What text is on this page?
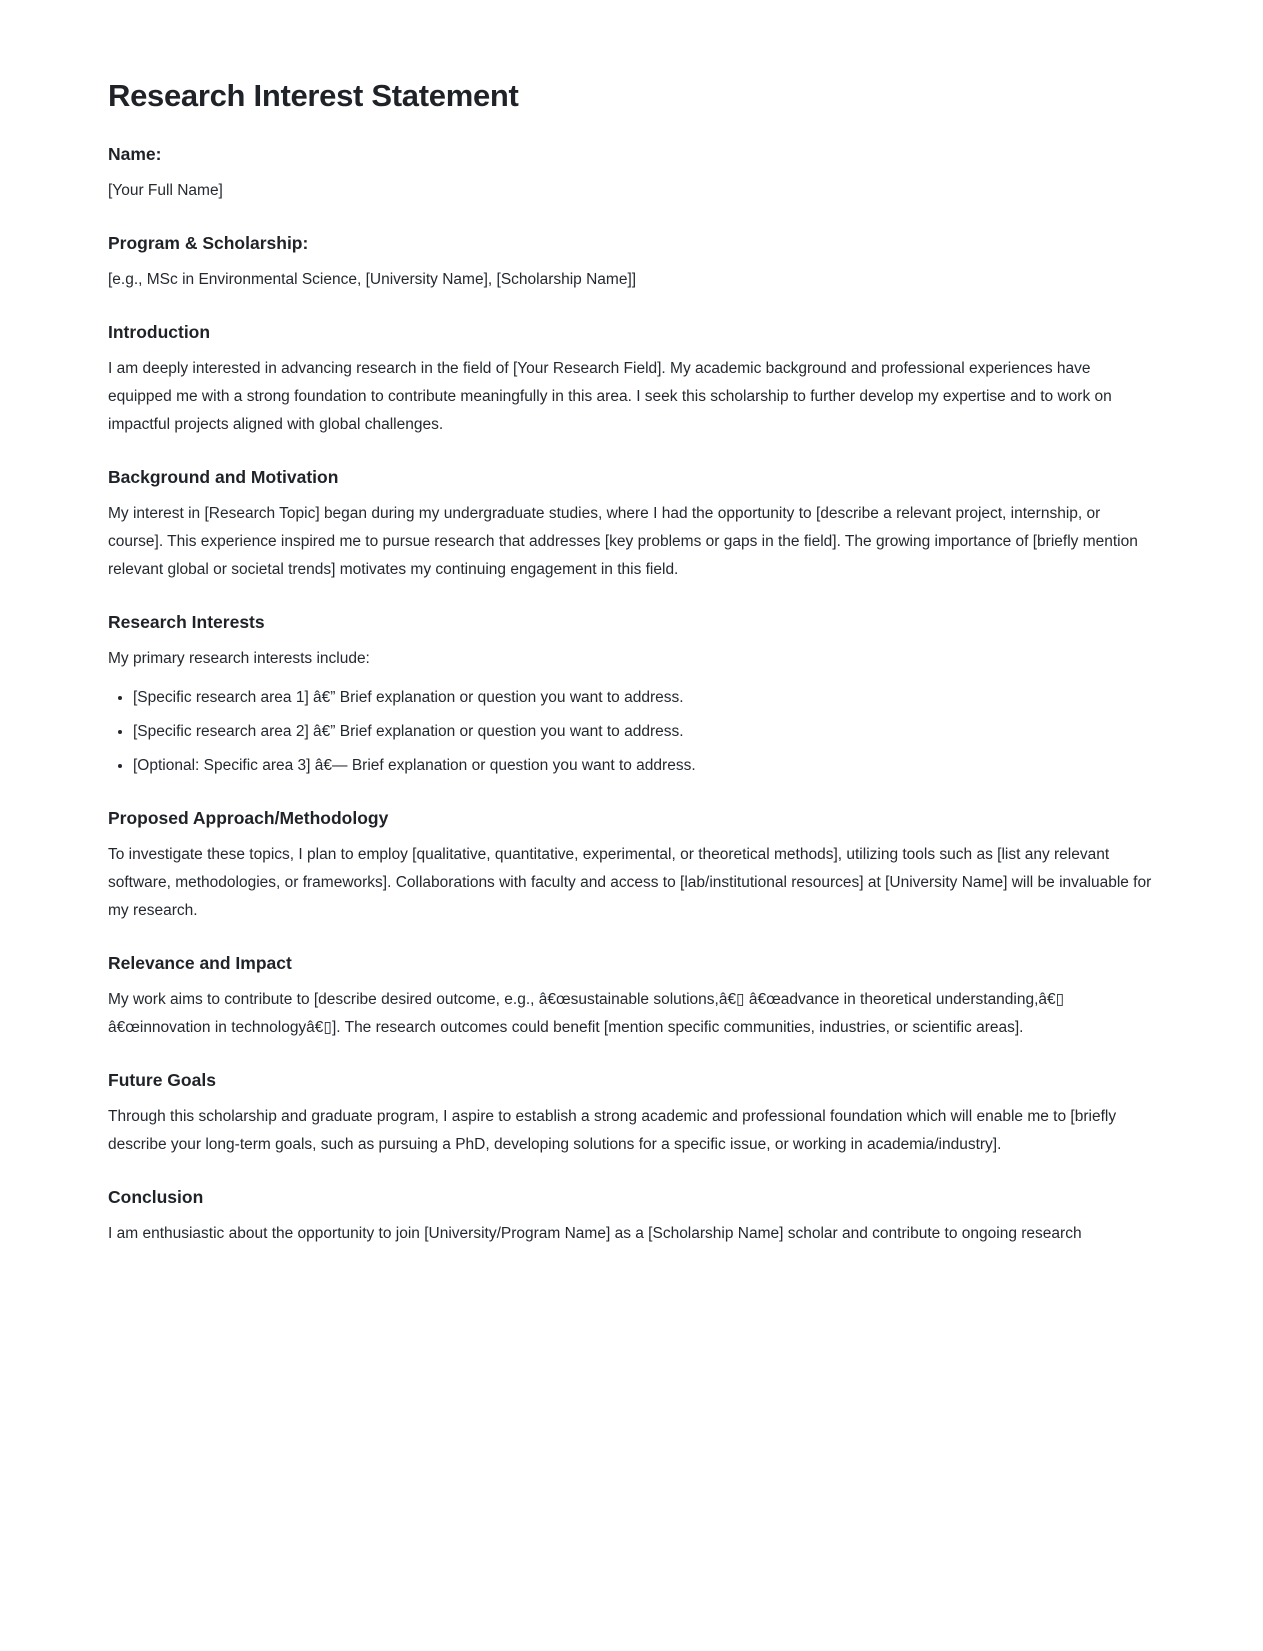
Research Interest Statement
Name:

[Your Full Name]

Program & Scholarship:

[e.g., MSc in Environmental Science, [University Name], [Scholarship Name]]

Introduction

I am deeply interested in advancing research in the field of [Your Research Field]. My academic background and professional experiences have equipped me with a strong foundation to contribute meaningfully in this area. I seek this scholarship to further develop my expertise and to work on impactful projects aligned with global challenges.

Background and Motivation

My interest in [Research Topic] began during my undergraduate studies, where I had the opportunity to [describe a relevant project, internship, or course]. This experience inspired me to pursue research that addresses [key problems or gaps in the field]. The growing importance of [briefly mention relevant global or societal trends] motivates my continuing engagement in this field.

Research Interests

My primary research interests include:

• [Specific research area 1] â€” Brief explanation or question you want to address.
• [Specific research area 2] â€” Brief explanation or question you want to address.
• [Optional: Specific area 3] â€— Brief explanation or question you want to address.
Proposed Approach/Methodology

To investigate these topics, I plan to employ [qualitative, quantitative, experimental, or theoretical methods], utilizing tools such as [list any relevant software, methodologies, or frameworks]. Collaborations with faculty and access to [lab/institutional resources] at [University Name] will be invaluable for my research.

Relevance and Impact

My work aims to contribute to [describe desired outcome, e.g., â€œsustainable solutions,â€▯ â€œadvance in theoretical understanding,â€▯ â€œinnovation in technologyâ€▯]. The research outcomes could benefit [mention specific communities, industries, or scientific areas].

Future Goals

Through this scholarship and graduate program, I aspire to establish a strong academic and professional foundation which will enable me to [briefly describe your long-term goals, such as pursuing a PhD, developing solutions for a specific issue, or working in academia/industry].

Conclusion

I am enthusiastic about the opportunity to join [University/Program Name] as a [Scholarship Name] scholar and contribute to ongoing research
